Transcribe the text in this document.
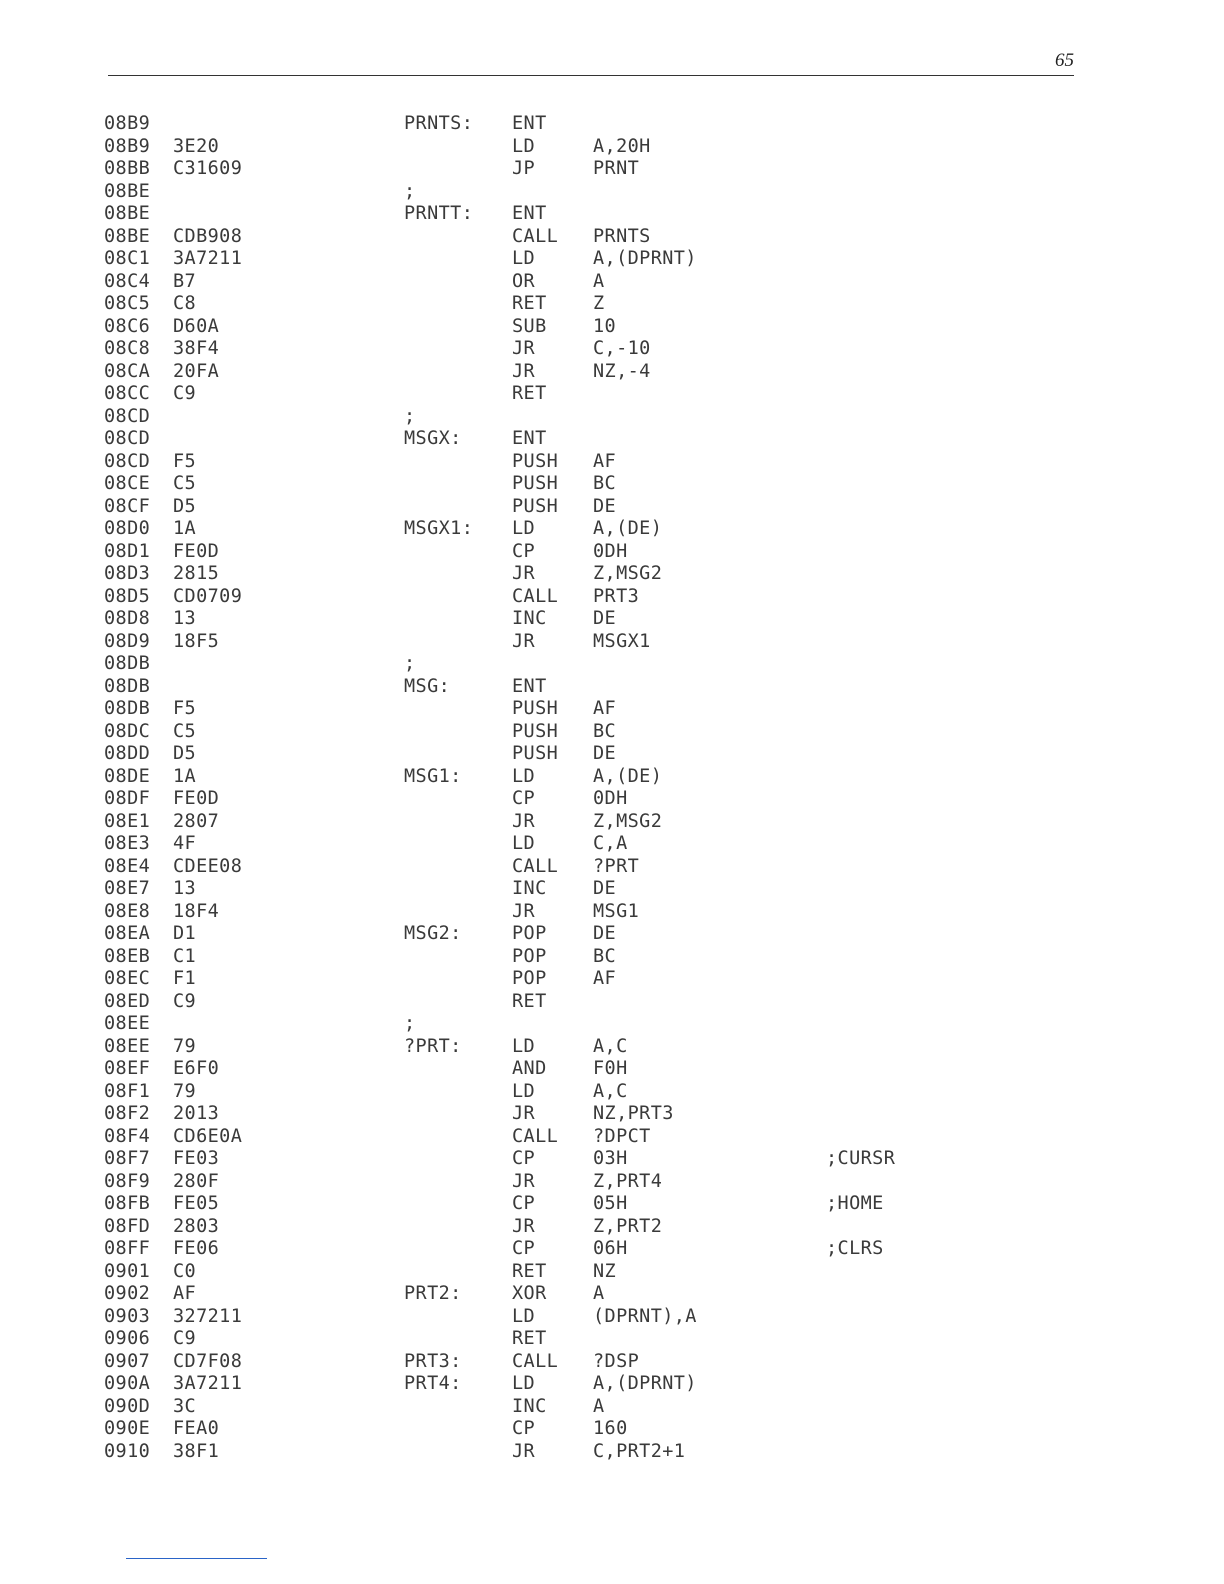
65
08B9	PRNTS: ENT
08B9 3E20	LD	A,20H
08BB C31609	JP	PRNT
08BE	;
08BE	PRNTT: ENT
08BE CDB908	CALL PRNTS
08C1 3A7211	LD	A,(DPRNT)
08C4 B7	OR	A
08C5 C8	RET	Z
08C6 D60A	SUB	10
08C8 38F4	JR	C,-10
08CA 20FA	JR	NZ,-4
08CC C9	RET
08CD	;
08CD	MSGX:	ENT
08CD F5	PUSH AF
08CE C5	PUSH BC
08CF D5	PUSH DE
08D0 1A	MSGX1: LD	A,(DE)
08D1 FE0D	CP	0DH
08D3 2815	JR	Z,MSG2
08D5 CD0709	CALL PRT3
08D8 13	INC	DE
08D9 18F5	JR	MSGX1
08DB	;
08DB	MSG:	ENT
08DB F5	PUSH AF
08DC C5	PUSH BC
08DD D5	PUSH DE
08DE 1A	MSG1:	LD	A,(DE)
08DF FE0D	CP	0DH
08E1 2807	JR	Z,MSG2
08E3 4F	LD	C,A
08E4 CDEE08	CALL ?PRT
08E7 13	INC	DE
08E8 18F4	JR	MSG1
08EA D1	MSG2:	POP	DE
08EB C1	POP	BC
08EC F1	POP	AF
08ED C9	RET
08EE	;
08EE 79	?PRT:	LD	A,C
08EF E6F0	AND	F0H
08F1 79	LD	A,C
08F2 2013	JR	NZ,PRT3
08F4 CD6E0A	CALL ?DPCT
08F7 FE03	CP	03H	;CURSR
08F9 280F	JR	Z,PRT4
08FB FE05	CP	05H	;HOME
08FD 2803	JR	Z,PRT2
08FF FE06	CP	06H	;CLRS
0901 C0	RET	NZ
0902 AF	PRT2:	XOR	A
0903 327211	LD	(DPRNT),A
0906 C9	RET
0907 CD7F08	PRT3:	CALL ?DSP
090A 3A7211	PRT4:	LD	A,(DPRNT)
090D 3C	INC	A
090E FEA0	CP	160
0910 38F1	JR	C,PRT2+1
